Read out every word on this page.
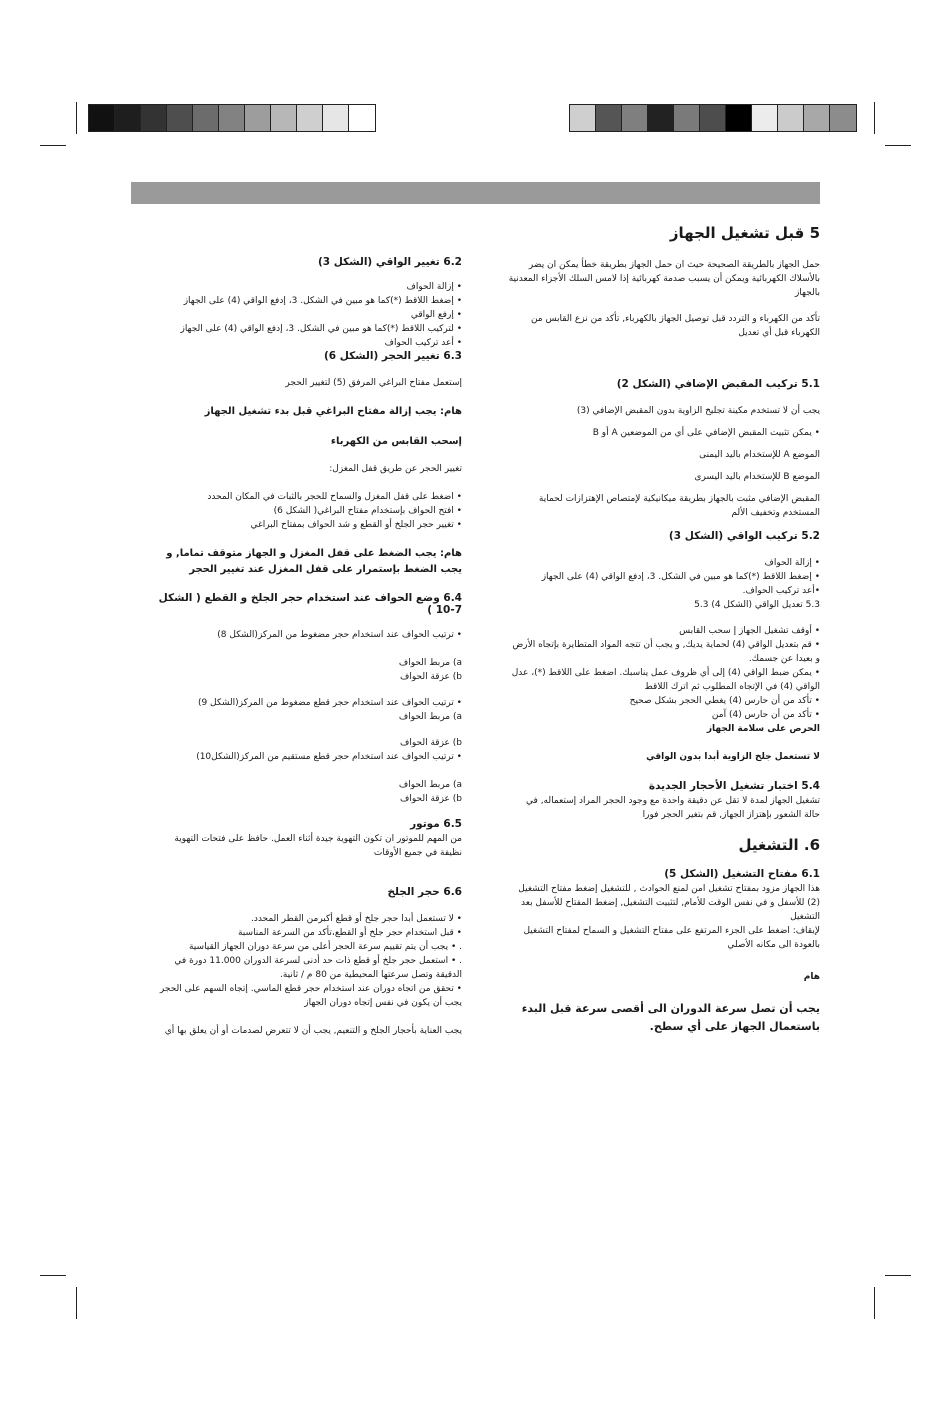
5 قبل تشغيل الجهاز

حمل الجهاز بالطريقة الصحيحة حيث ان حمل الجهاز بطريقة خطأ يمكن ان يضر بالأسلاك الكهربائية ويمكن أن يسبب صدمة كهربائية إذا لامس السلك الأجزاء المعدنية بالجهاز

تأكد من الكهرباء و التردد قبل توصيل الجهاز بالكهرباء, تأكد من نزع القابس من الكهرباء قبل أي تعديل

5.1 تركيب المقبض الإضافي (الشكل 2)

يجب أن لا تستخدم مكينة تجليخ الزاوية بدون المقبض الإضافي (3)

• يمكن تثبيت المقبض الإضافي على أي من الموضعين A أو B

الموضع A للإستخدام باليد اليمنى

الموضع B للإستخدام باليد اليسرى

المقبض الإضافي مثبت بالجهاز بطريقة ميكانيكية لإمتصاص الإهتزازات لحماية المستخدم وتخفيف الألم

5.2 تركيب الواقي (الشكل 3)

• إزالة الحواف

• إضغط اللاقط (*)كما هو مبين في الشكل. 3، إدفع الواقي (4) على الجهاز

•أعد تركيب الحواف.

5.3 تعديل الواقي (الشكل 4) 5.3

• أوقف تشغيل الجهاز إ سحب القابس

• قم بتعديل الواقي (4) لحماية يديك, و يجب أن تتجه المواد المتطايرة بإتجاه الأرض و بعيدا عن جسمك.

• يمكن ضبط الواقي (4) إلى أي ظروف عمل يناسبك. اضغط على اللاقط (*)، عدل الواقي (4) في الإتجاه المطلوب ثم اترك اللاقط

• تأكد من أن حارس (4) يغطي الحجر بشكل صحيح

• تأكد من أن حارس (4) آمن

الحرص على سلامة الجهاز

لا تستعمل جلخ الزاوية أبدا بدون الواقي

5.4 اختبار تشغيل الأحجار الجديدة

تشغيل الجهاز لمدة لا تقل عن دقيقة واحدة مع وجود الحجر المراد إستعماله, في حالة الشعور بإهتزاز الجهاز, قم بتغير الحجر فورا

6. التشغيل

6.1 مفتاح التشغيل (الشكل 5)

هذا الجهاز مزود بمفتاح تشغيل امن لمنع الحوادث , للتشغيل إضغط مفتاح التشغيل (2) للأسفل و في نفس الوقت للأمام, لتثبيت التشغيل, إضغط المفتاح للأسفل بعد التشغيل

لإيقاف: اضغط على الجزء المرتفع على مفتاح التشغيل و السماح لمفتاح التشغيل بالعودة الى مكانه الأصلي

هام

يجب أن تصل سرعة الدوران الى أقصى سرعة قبل البدء باستعمال الجهاز على أي سطح.

6.2 تغيير الواقي (الشكل 3)

• إزالة الحواف

• إضغط اللاقط (*)كما هو مبين في الشكل. 3، إدفع الواقي (4) على الجهاز

• إرفع الواقي

• لتركيب اللاقط (*)كما هو مبين في الشكل. 3، إدفع الواقي (4) على الجهاز

• أعد تركيب الحواف

6.3 تغيير الحجر (الشكل 6)

إستعمل مفتاح البراغي المرفق (5) لتغيير الحجر

هام: يجب إزالة مفتاح البراغي قبل بدء تشغيل الجهاز

إسحب القابس من الكهرباء

تغيير الحجر عن طريق قفل المغزل:

• اضغط على قفل المغزل والسماح للحجر بالثبات في المكان المحدد

• افتح الحواف بإستخدام مفتاح البراغي( الشكل 6)

• تغيير حجر الجلخ أو القطع و شد الحواف بمفتاح البراغي

هام: يجب الضغط على قفل المغزل و الجهاز متوقف تماما, و يجب الضغط بإستمرار على قفل المغزل عند تغيير الحجر

6.4 وضع الحواف عند استخدام حجر الجلخ و القطع ( الشكل 7-10 )

• ترتيب الحواف عند استخدام حجر مضغوط من المركز(الشكل 8)

a) مربط الحواف

b) عزقة الحواف

• ترتيب الحواف عند استخدام حجر قطع مضغوط من المركز(الشكل 9)

a) مربط الحواف

b) عزقة الحواف

• ترتيب الحواف عند استخدام حجر قطع مستقيم من المركز(الشكل10)

a) مربط الحواف

b) عزقة الحواف

6.5 موتور

من المهم للموتور ان تكون التهوية جيدة أثناء العمل. حافظ على فتحات التهوية نظيفة في جميع الأوقات

6.6 حجر الجلخ

• لا تستعمل أبدا حجر جلخ أو قطع أكبرمن القطر المحدد.

• قبل استخدام حجر جلخ أو القطع،تأكد من السرعة المناسبة

. • يجب أن يتم تقييم سرعة الحجر أعلى من سرعة دوران الجهاز القياسية

. • استعمل حجر جلخ أو قطع ذات حد أدنى لسرعة الدوران 11.000 دورة في الدقيقة وتصل سرعتها المحيطية من 80 م / ثانية.

• تحقق من اتجاه دوران عند استخدام حجر قطع الماسي. إتجاه السهم على الحجر يجب أن يكون في نفس إتجاه دوران الجهاز

يجب العناية بأحجار الجلخ و التنعيم, يجب أن لا تتعرض لصدمات أو أن يعلق بها أي
